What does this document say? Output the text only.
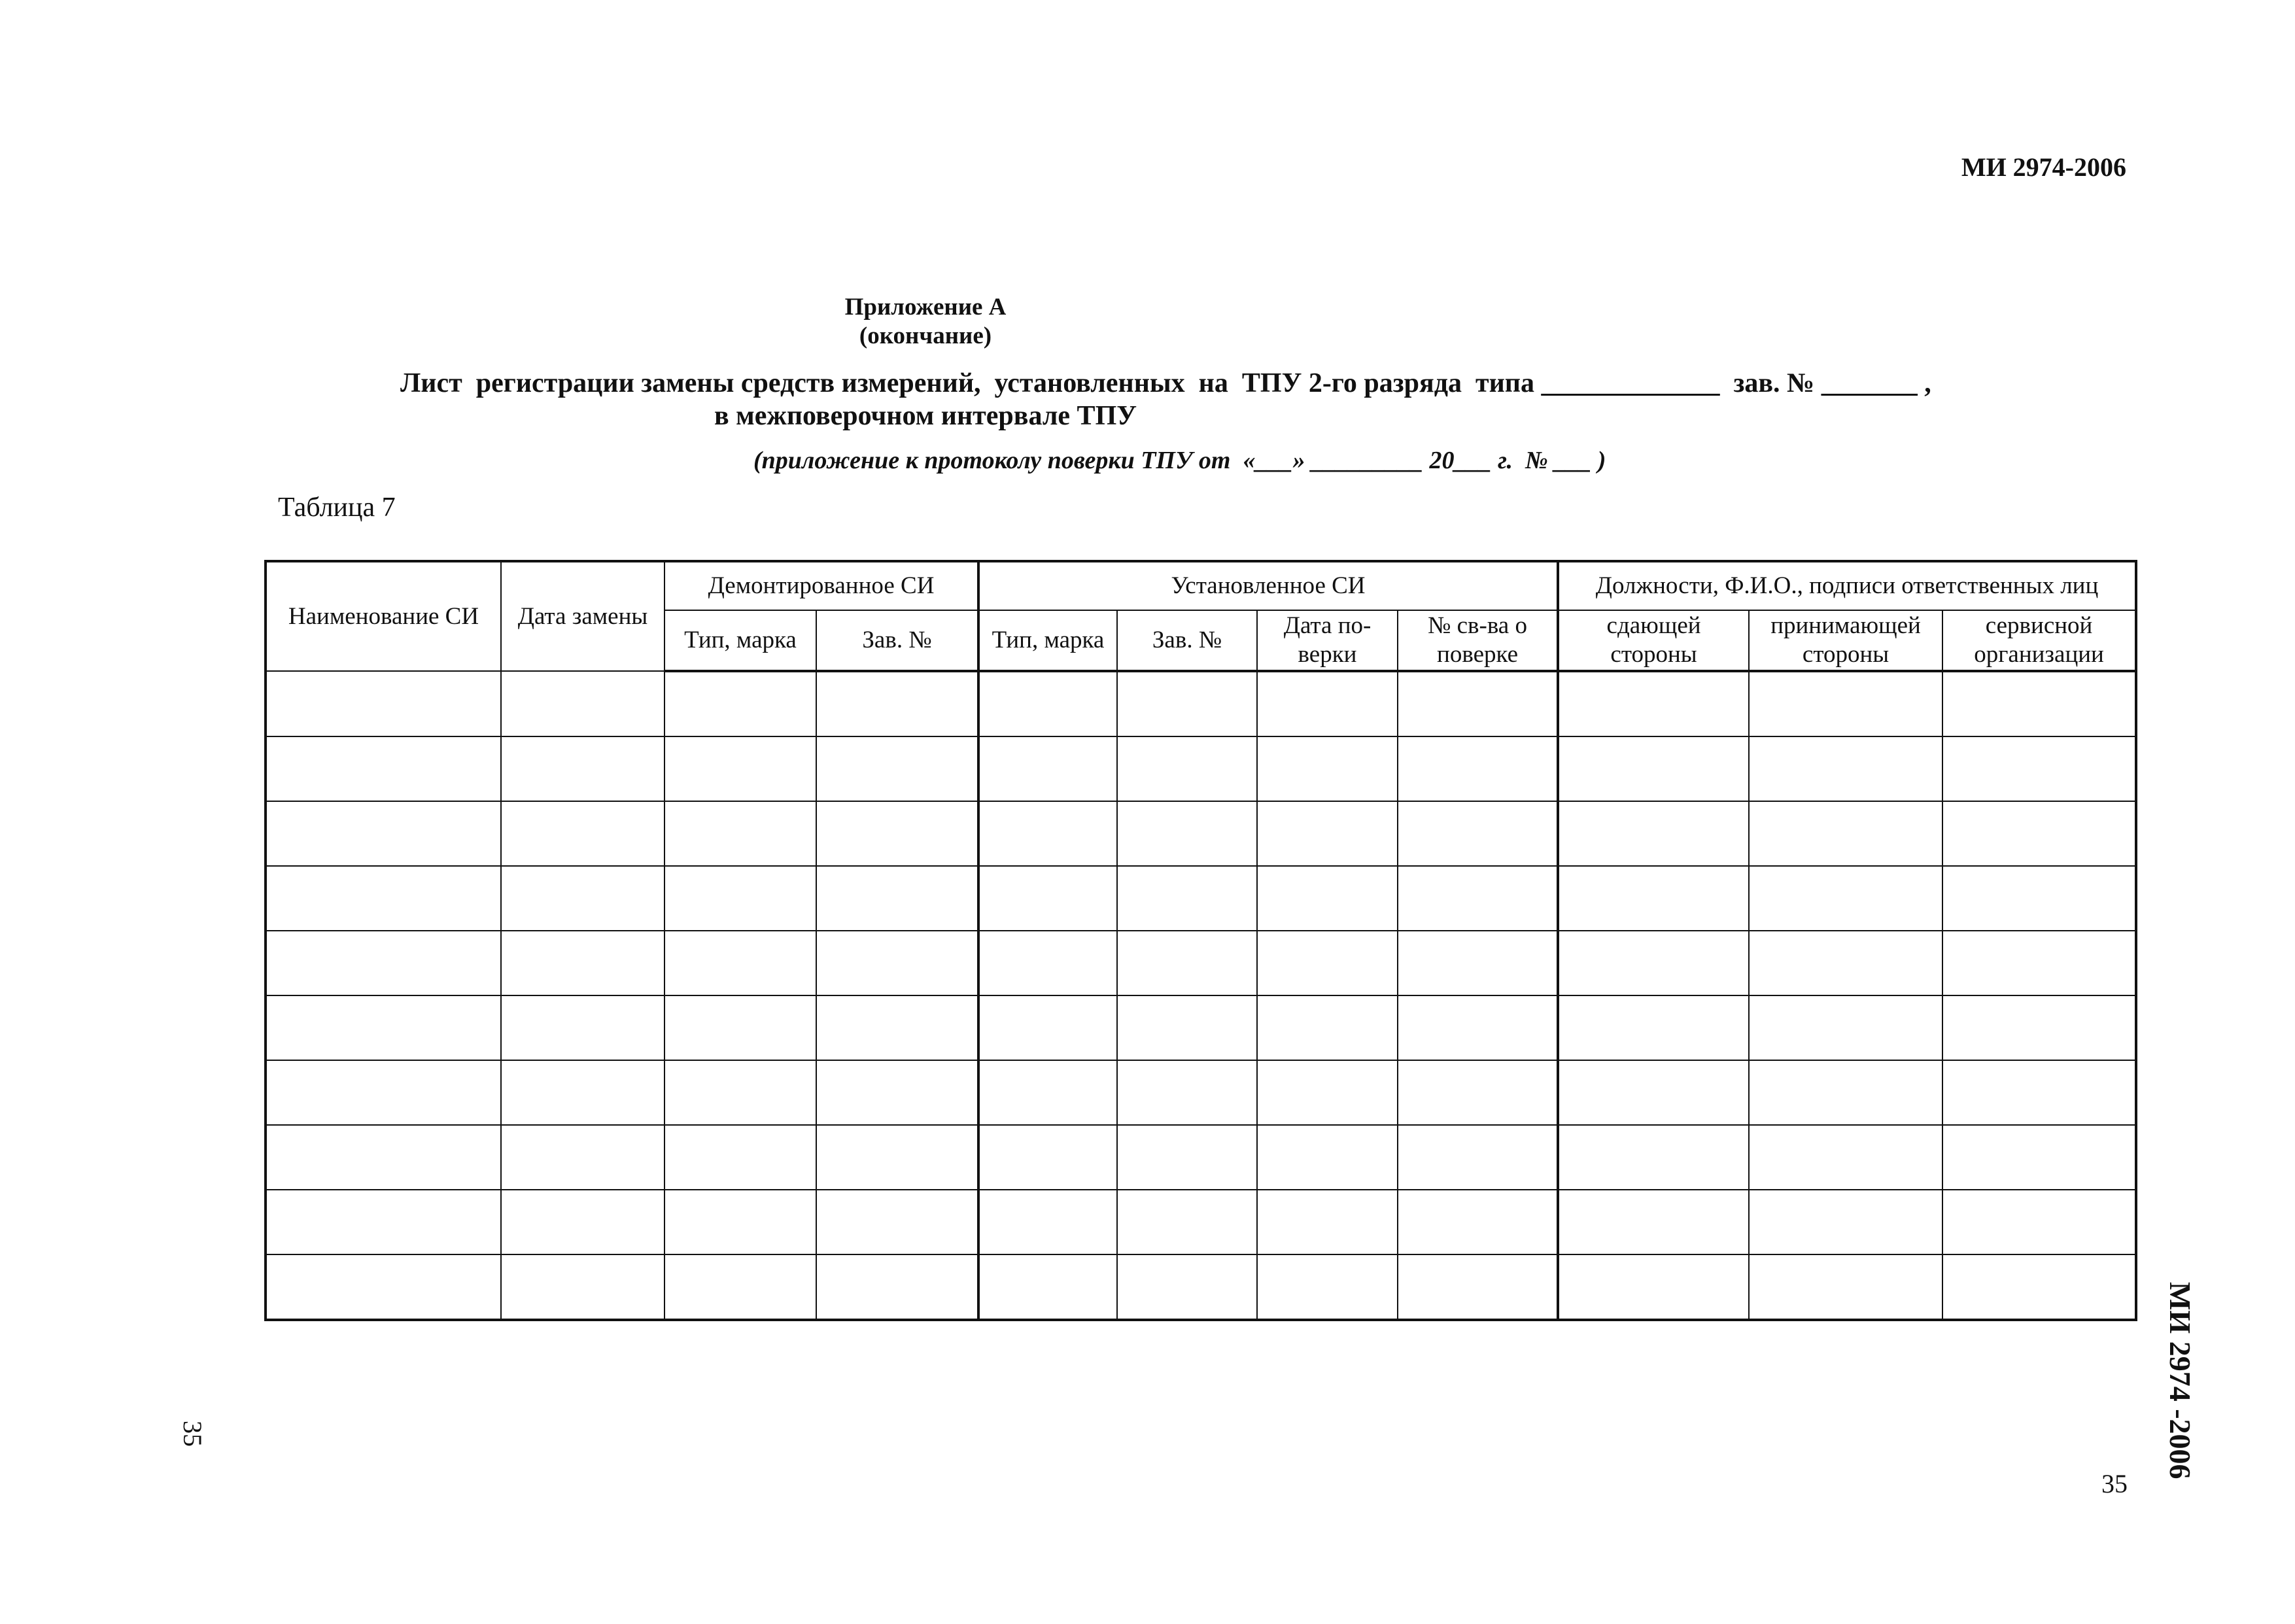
МИ 2974-2006
Приложение А
(окончание)
Лист  регистрации замены средств измерений,  установленных  на  ТПУ 2-го разряда  типа _____________  зав. № _______ ,
в межповерочном интервале ТПУ
(приложение к протоколу поверки ТПУ от  «___» _________ 20___ г.  № ___ )
Таблица 7
Наименование СИ	Дата замены	Демонтированное СИ		Установленное СИ				Должности, Ф.И.О., подписи ответственных лиц		
		Тип, марка	Зав. №	Тип, марка	Зав. №	Дата по-верки	№ св-ва о поверке	сдающей стороны	принимающей стороны	сервисной организации

35
МИ 2974 -2006
35
